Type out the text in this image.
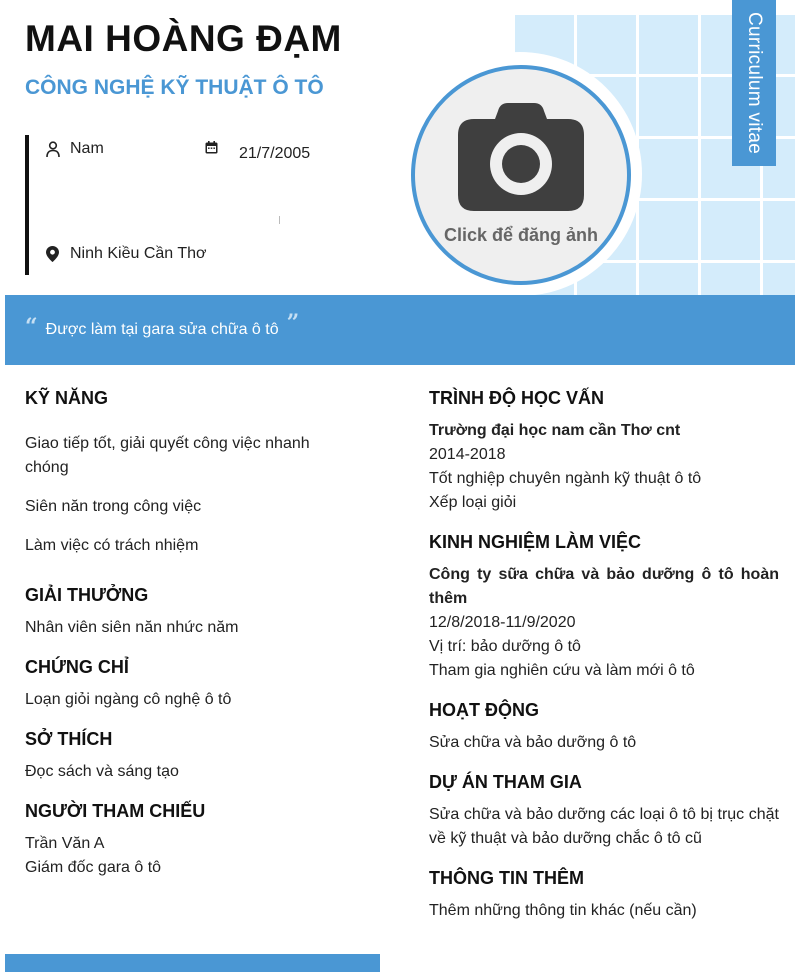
MAI HOÀNG ĐẠM
CÔNG NGHỆ KỸ THUẬT Ô TÔ
Nam	21/7/2005
Ninh Kiều Cần Thơ
Curriculum vitae
Click để đăng ảnh
“ Được làm tại gara sửa chữa ô tô ”
KỸ NĂNG

Giao tiếp tốt, giải quyết công việc nhanh chóng

Siên năn trong công việc

Làm việc có trách nhiệm

GIẢI THƯỞNG

Nhân viên siên năn nhức năm

CHỨNG CHỈ

Loạn giỏi ngàng cô nghệ ô tô

SỞ THÍCH

Đọc sách và sáng tạo

NGƯỜI THAM CHIẾU

Trần Văn A

Giám đốc gara ô tô

TRÌNH ĐỘ HỌC VẤN

Trường đại học nam cần Thơ cnt

2014-2018

Tốt nghiệp chuyên ngành kỹ thuật ô tô

Xếp loại giỏi

KINH NGHIỆM LÀM VIỆC

Công ty sữa chữa và bảo dưỡng ô tô hoàn thêm

12/8/2018-11/9/2020

Vị trí: bảo dưỡng ô tô

Tham gia nghiên cứu và làm mới ô tô

HOẠT ĐỘNG

Sửa chữa và bảo dưỡng ô tô

DỰ ÁN THAM GIA

Sửa chữa và bảo dưỡng các loại ô tô bị trục chặt về kỹ thuật và bảo dưỡng chắc ô tô cũ

THÔNG TIN THÊM

Thêm những thông tin khác (nếu cần)
